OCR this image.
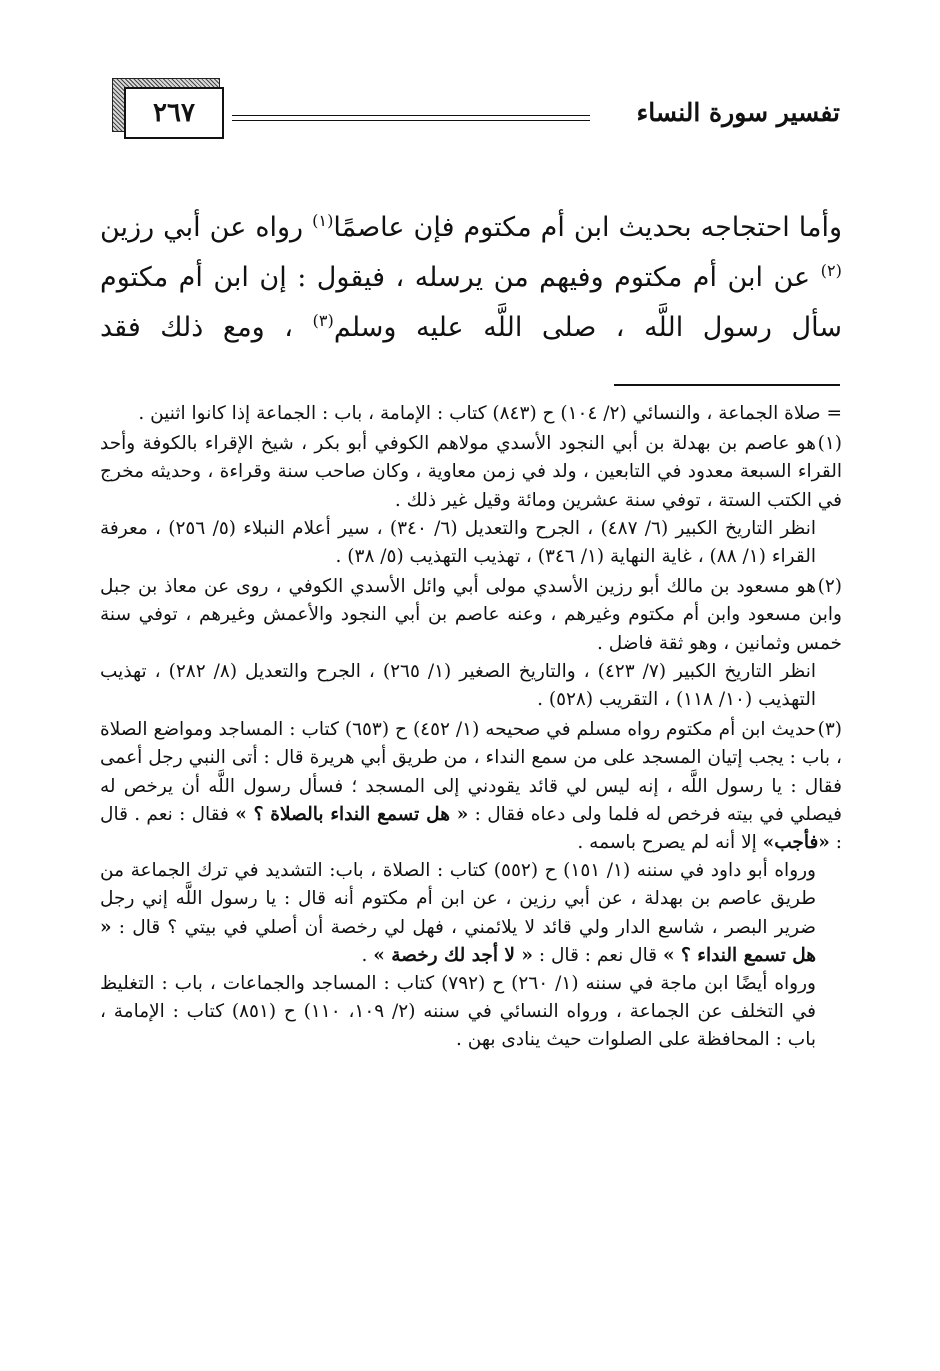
تفسير سورة النساء
٢٦٧

وأما احتجاجه بحديث ابن أم مكتوم فإن عاصمًا$^{(١)}$ رواه عن أبي رزين $^{(٢)}$ عن ابن أم مكتوم وفيهم من يرسله ، فيقول : إن ابن أم مكتوم سأل رسول اللَّه ، صلى اللَّه عليه وسلم$^{(٣)}$ ، ومع ذلك فقد

= صلاة الجماعة ، والنسائي (٢/ ١٠٤) ح (٨٤٣) كتاب : الإمامة ، باب : الجماعة إذا كانوا اثنين .

(١)هو عاصم بن بهدلة بن أبي النجود الأسدي مولاهم الكوفي أبو بكر ، شيخ الإقراء بالكوفة وأحد القراء السبعة معدود في التابعين ، ولد في زمن معاوية ، وكان صاحب سنة وقراءة ، وحديثه مخرج في الكتب الستة ، توفي سنة عشرين ومائة وقيل غير ذلك .

انظر التاريخ الكبير (٦/ ٤٨٧) ، الجرح والتعديل (٦/ ٣٤٠) ، سير أعلام النبلاء (٥/ ٢٥٦) ، معرفة القراء (١/ ٨٨) ، غاية النهاية (١/ ٣٤٦) ، تهذيب التهذيب (٥/ ٣٨) .

(٢)هو مسعود بن مالك أبو رزين الأسدي مولى أبي وائل الأسدي الكوفي ، روى عن معاذ بن جبل وابن مسعود وابن أم مكتوم وغيرهم ، وعنه عاصم بن أبي النجود والأعمش وغيرهم ، توفي سنة خمس وثمانين ، وهو ثقة فاضل .

انظر التاريخ الكبير (٧/ ٤٢٣) ، والتاريخ الصغير (١/ ٢٦٥) ، الجرح والتعديل (٨/ ٢٨٢) ، تهذيب التهذيب (١٠/ ١١٨) ، التقريب (٥٢٨) .

(٣)حديث ابن أم مكتوم رواه مسلم في صحيحه (١/ ٤٥٢) ح (٦٥٣) كتاب : المساجد ومواضع الصلاة ، باب : يجب إتيان المسجد على من سمع النداء ، من طريق أبي هريرة قال : أتى النبي رجل أعمى فقال : يا رسول اللَّه ، إنه ليس لي قائد يقودني إلى المسجد ؛ فسأل رسول اللَّه أن يرخص له فيصلي في بيته فرخص له فلما ولى دعاه فقال : « هل تسمع النداء بالصلاة ؟ » فقال : نعم . قال : «فأجب» إلا أنه لم يصرح باسمه .

ورواه أبو داود في سننه (١/ ١٥١) ح (٥٥٢) كتاب : الصلاة ، باب: التشديد في ترك الجماعة من طريق عاصم بن بهدلة ، عن أبي رزين ، عن ابن أم مكتوم أنه قال : يا رسول اللَّه إني رجل ضرير البصر ، شاسع الدار ولي قائد لا يلائمني ، فهل لي رخصة أن أصلي في بيتي ؟ قال : « هل تسمع النداء ؟ » قال نعم : قال : « لا أجد لك رخصة » .

ورواه أيضًا ابن ماجة في سننه (١/ ٢٦٠) ح (٧٩٢) كتاب : المساجد والجماعات ، باب : التغليظ في التخلف عن الجماعة ، ورواه النسائي في سننه (٢/ ١٠٩، ١١٠) ح (٨٥١) كتاب : الإمامة ، باب : المحافظة على الصلوات حيث ينادى بهن .
